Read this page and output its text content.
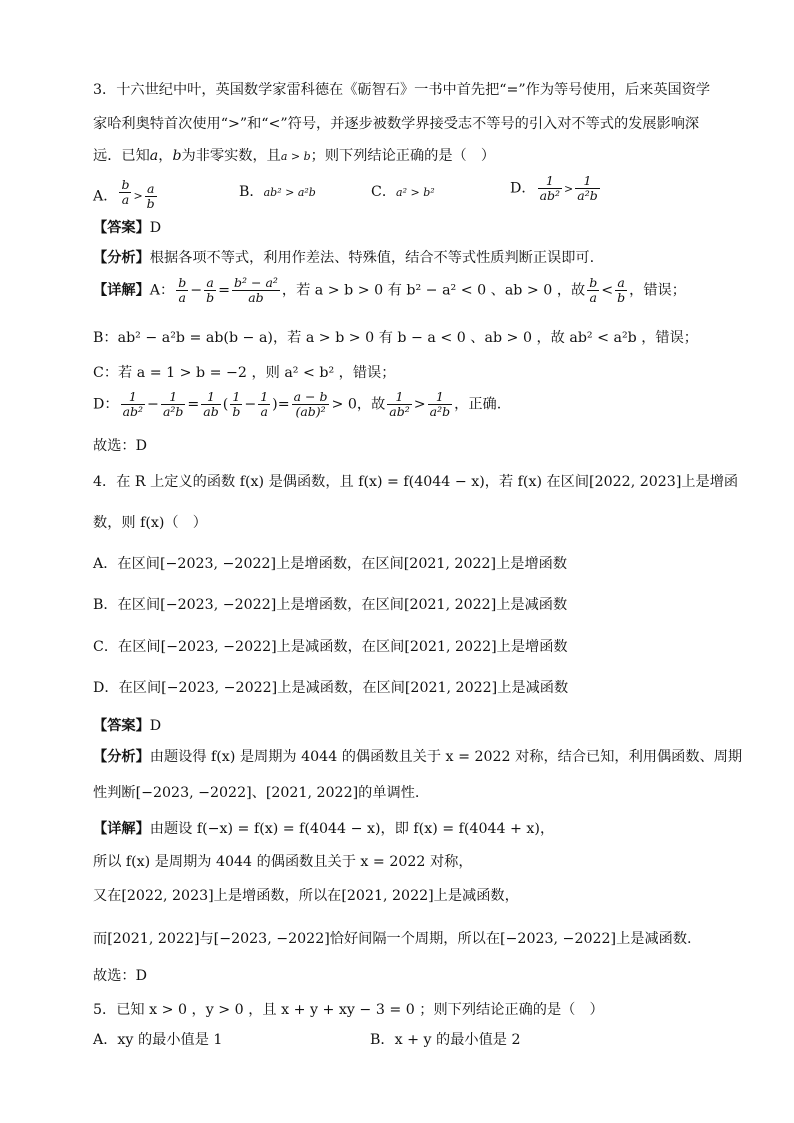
3．十六世纪中叶，英国数学家雷科德在《砺智石》一书中首先把“=”作为等号使用，后来英国资学
家哈利奥特首次使用“>”和“<”符号，并逐步被数学界接受志不等号的引入对不等式的发展影响深
远．已知a，b为非零实数，且a > b；则下列结论正确的是（　）
A． $\frac{b}{a} > \frac{a}{b}$	B．ab² > a²b	C．a² > b²	D． $\frac{1}{\text{ab²}} > \frac{1}{\text{a²b}}$
【答案】D
【分析】根据各项不等式，利用作差法、特殊值，结合不等式性质判断正误即可.
【详解】A： $\frac{b}{a} - \frac{a}{b} = \frac{\text{b² − a²}}{ab}$ ，若 a > b > 0 有 b² − a² < 0 、ab > 0 ，故 $\frac{b}{a} < \frac{a}{b}$ ，错误；
B：ab² − a²b = ab(b − a)，若 a > b > 0 有 b − a < 0 、ab > 0 ，故 ab² < a²b ，错误；
C：若 a = 1 > b = −2 ，则 a² < b² ，错误；
D： $\frac{1}{\text{ab²}} - \frac{1}{\text{a²b}} = \frac{1}{ab}$ ( $\frac{1}{b} - \frac{1}{a}$ )= $\frac{a - b}{\text{(ab)²}} > 0$，故 $\frac{1}{\text{ab²}} > \frac{1}{\text{a²b}}$ ，正确.
故选：D
4．在 R 上定义的函数 f(x) 是偶函数，且 f(x) = f(4044 − x)，若 f(x) 在区间[2022, 2023]上是增函
数，则 f(x)（　）
A．在区间[−2023, −2022]上是增函数，在区间[2021, 2022]上是增函数
B．在区间[−2023, −2022]上是增函数，在区间[2021, 2022]上是减函数
C．在区间[−2023, −2022]上是减函数，在区间[2021, 2022]上是增函数
D．在区间[−2023, −2022]上是减函数，在区间[2021, 2022]上是减函数
【答案】D
【分析】由题设得 f(x) 是周期为 4044 的偶函数且关于 x = 2022 对称，结合已知，利用偶函数、周期
性判断[−2023, −2022]、[2021, 2022]的单调性.
【详解】由题设 f(−x) = f(x) = f(4044 − x)，即 f(x) = f(4044 + x)，
所以 f(x) 是周期为 4044 的偶函数且关于 x = 2022 对称，
又在[2022, 2023]上是增函数，所以在[2021, 2022]上是减函数，
而[2021, 2022]与[−2023, −2022]恰好间隔一个周期，所以在[−2023, −2022]上是减函数.
故选：D
5．已知 x > 0 ，y > 0 ，且 x + y + xy − 3 = 0 ；则下列结论正确的是（　）
A．xy 的最小值是 1	B．x + y 的最小值是 2
